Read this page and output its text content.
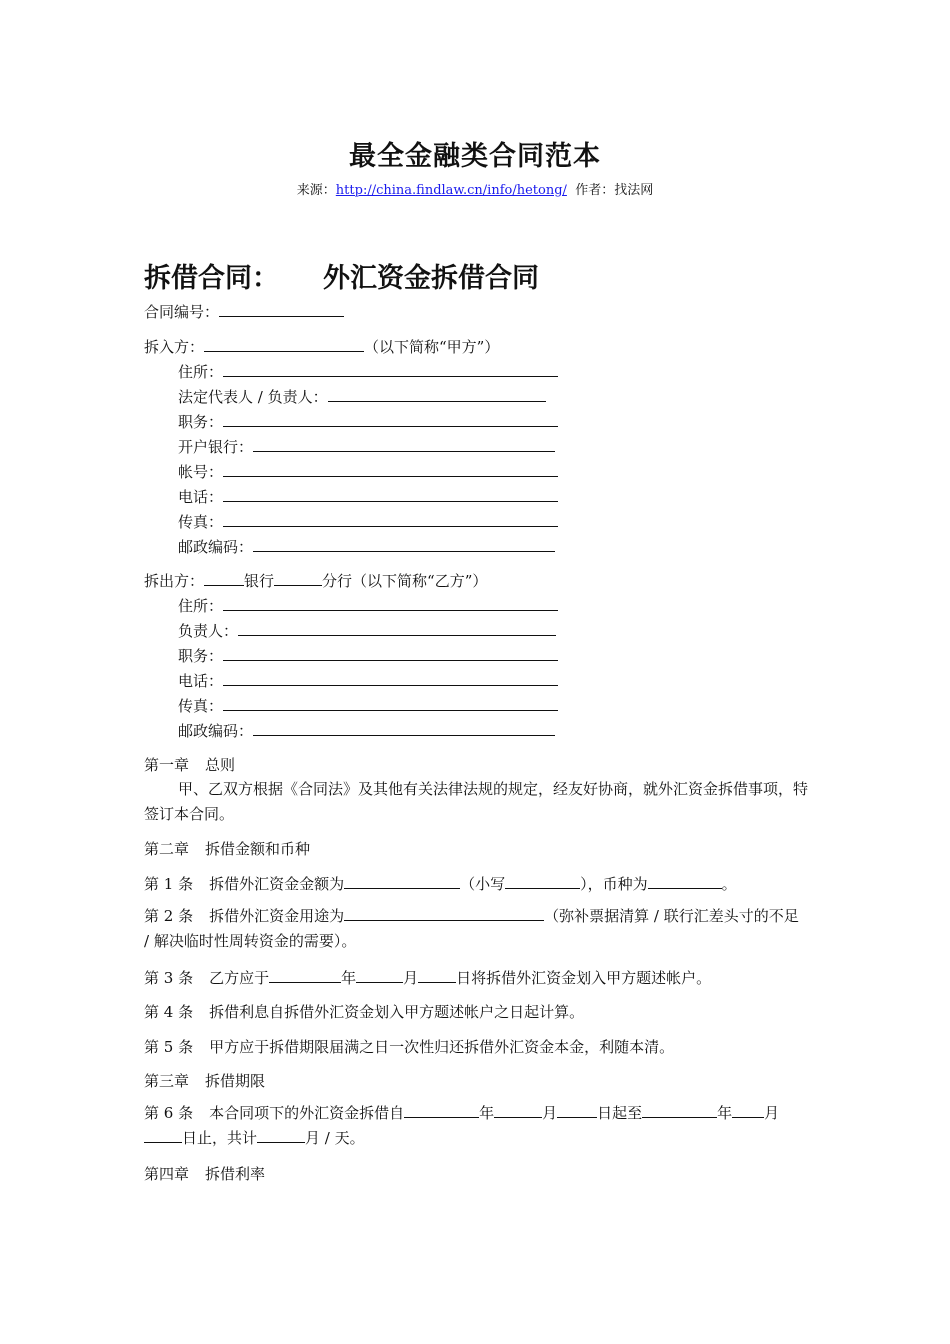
最全金融类合同范本
来源：http://china.findlaw.cn/info/hetong/ 作者：找法网
拆借合同： 外汇资金拆借合同
合同编号：
拆入方：	（以下简称“甲方”）
住所：
法定代表人 / 负责人：
职务：
开户银行：
帐号：
电话：
传真：
邮政编码：
拆出方：	银行	分行（以下简称“乙方”）
住所：
负责人：
职务：
电话：
传真：
邮政编码：
第一章 总则
甲、乙双方根据《合同法》及其他有关法律法规的规定，经友好协商，就外汇资金拆借事项，特签订本合同。
第二章 拆借金额和币种
第 1 条 拆借外汇资金金额为	（小写	），币种为	。
第 2 条 拆借外汇资金用途为	（弥补票据清算 / 联行汇差头寸的不足 / 解决临时性周转资金的需要）。
第 3 条 乙方应于	年	月	日将拆借外汇资金划入甲方题述帐户。
第 4 条 拆借利息自拆借外汇资金划入甲方题述帐户之日起计算。
第 5 条 甲方应于拆借期限届满之日一次性归还拆借外汇资金本金，利随本清。
第三章 拆借期限
第 6 条 本合同项下的外汇资金拆借自	年	月	日起至	年 月日止，共计	月 / 天。
第四章 拆借利率
